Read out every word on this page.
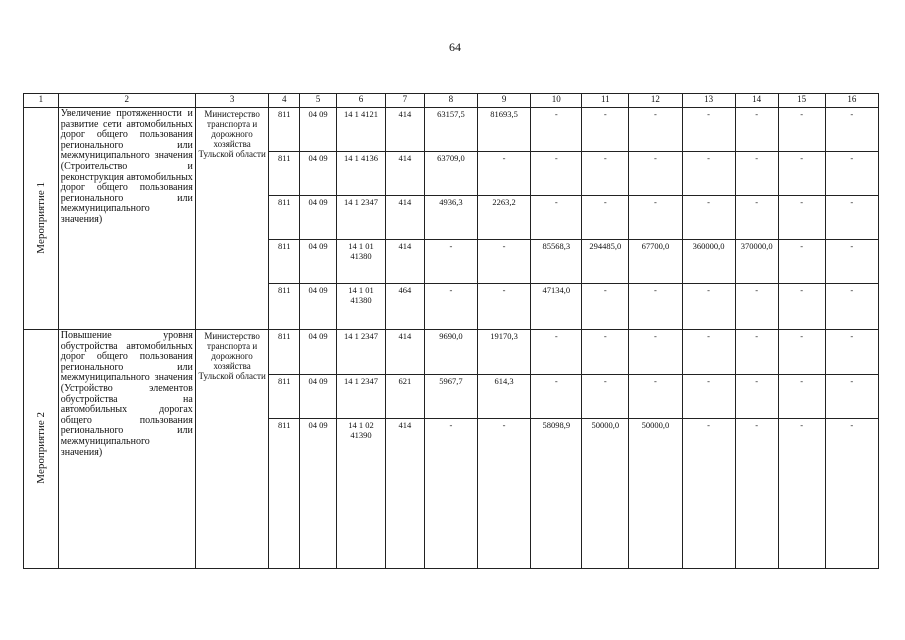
64
1	2	3	4	5	6	7	8	9	10	11	12	13	14	15	16
Мероприятие 1	Увеличение протяженности и развитие сети автомобильных дорог общего пользования регионального или межмуниципального значения (Строительство и реконструкция автомобильных дорог общего пользования регионального или межмуниципального значения)	Министерство транспорта и дорожного хозяйства Тульской области	811	04 09	14 1 4121	414	63157,5	81693,5	-	-	-	-	-	-	-
			811	04 09	14 1 4136	414	63709,0	-	-	-	-	-	-	-	-
			811	04 09	14 1 2347	414	4936,3	2263,2	-	-	-	-	-	-	-
			811	04 09	14 1 01 41380	414	-	-	85568,3	294485,0	67700,0	360000,0	370000,0	-	-
			811	04 09	14 1 01 41380	464	-	-	47134,0	-	-	-	-	-	-
Мероприятие 2	Повышение уровня обустройства автомобильных дорог общего пользования регионального или межмуниципального значения (Устройство элементов обустройства на автомобильных дорогах общего пользования регионального или межмуниципального значения)	Министерство транспорта и дорожного хозяйства Тульской области	811	04 09	14 1 2347	414	9690,0	19170,3	-	-	-	-	-	-	-
			811	04 09	14 1 2347	621	5967,7	614,3	-	-	-	-	-	-	-
			811	04 09	14 1 02 41390	414	-	-	58098,9	50000,0	50000,0	-	-	-	-
